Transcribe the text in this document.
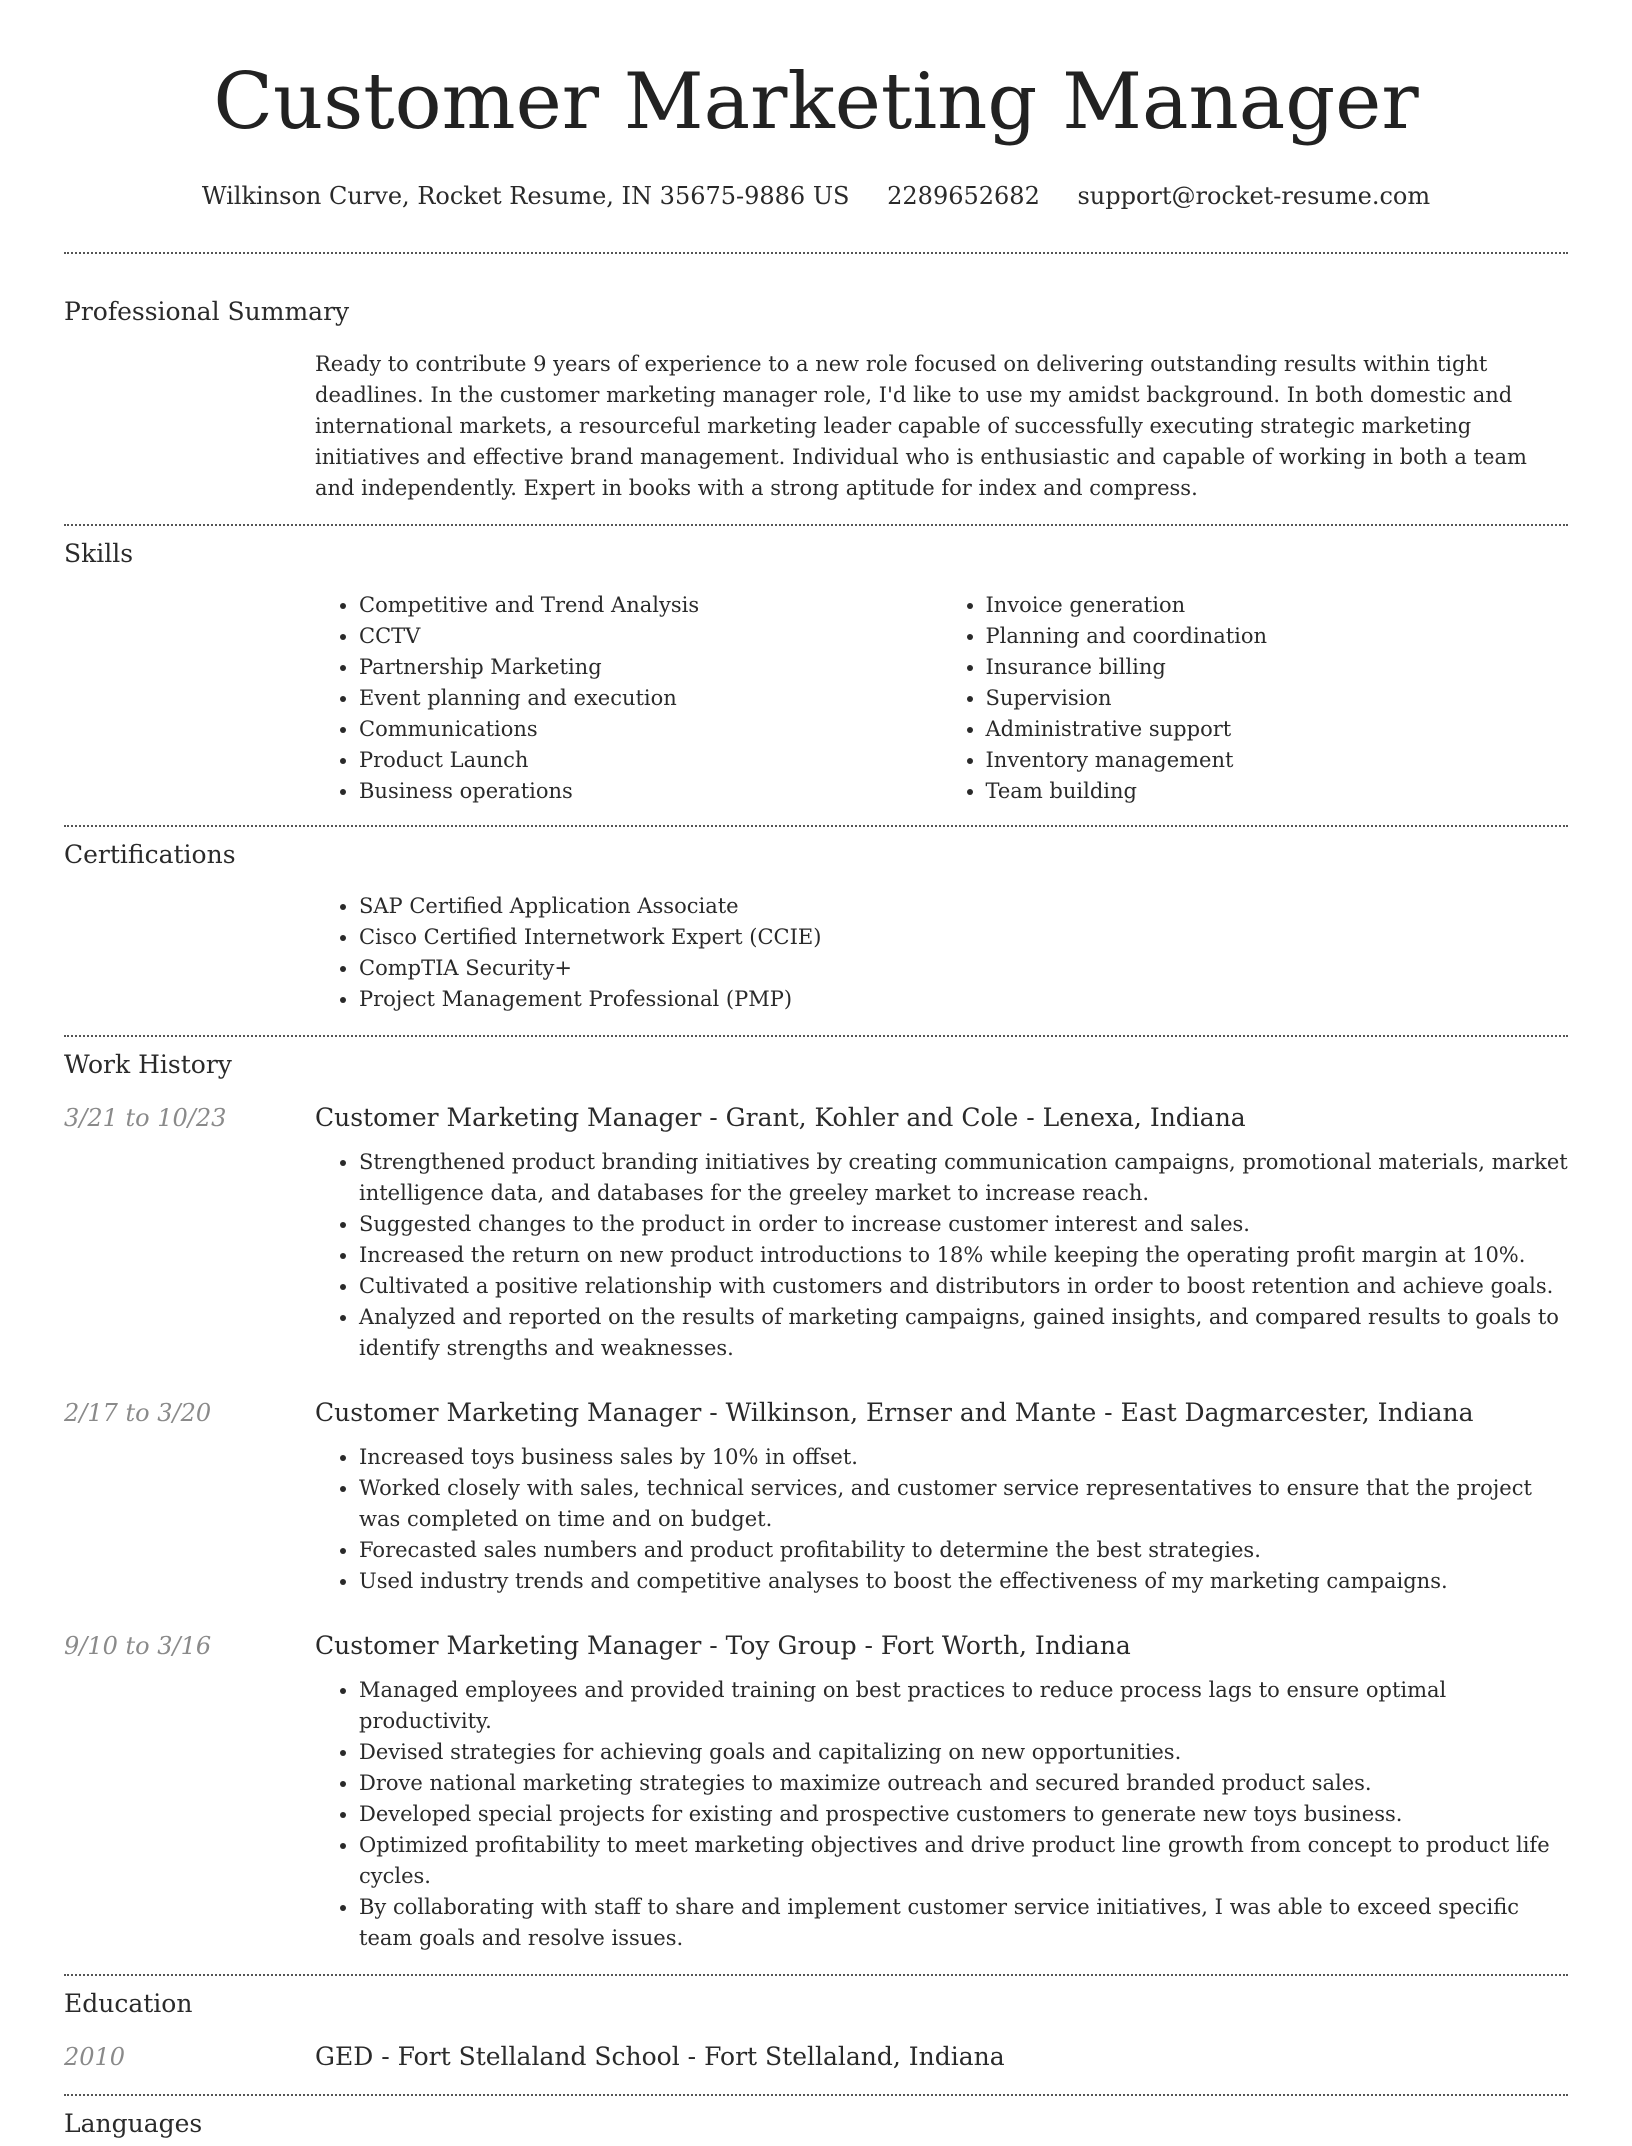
Customer Marketing Manager
Wilkinson Curve, Rocket Resume, IN 35675-9886 US 2289652682 support@rocket-resume.com
Professional Summary

Ready to contribute 9 years of experience to a new role focused on delivering outstanding results within tight deadlines. In the customer marketing manager role, I'd like to use my amidst background. In both domestic and international markets, a resourceful marketing leader capable of successfully executing strategic marketing initiatives and effective brand management. Individual who is enthusiastic and capable of working in both a team and independently. Expert in books with a strong aptitude for index and compress.

Skills
• Competitive and Trend Analysis
• CCTV
• Partnership Marketing
• Event planning and execution
• Communications
• Product Launch
• Business operations
• Invoice generation
• Planning and coordination
• Insurance billing
• Supervision
• Administrative support
• Inventory management
• Team building
Certifications
• SAP Certified Application Associate
• Cisco Certified Internetwork Expert (CCIE)
• CompTIA Security+
• Project Management Professional (PMP)
Work History
3/21 to 10/23	Customer Marketing Manager - Grant, Kohler and Cole - Lenexa, Indiana
• Strengthened product branding initiatives by creating communication campaigns, promotional materials, market intelligence data, and databases for the greeley market to increase reach.
• Suggested changes to the product in order to increase customer interest and sales.
• Increased the return on new product introductions to 18% while keeping the operating profit margin at 10%.
• Cultivated a positive relationship with customers and distributors in order to boost retention and achieve goals.
• Analyzed and reported on the results of marketing campaigns, gained insights, and compared results to goals to identify strengths and weaknesses.
2/17 to 3/20	Customer Marketing Manager - Wilkinson, Ernser and Mante - East Dagmarcester, Indiana
• Increased toys business sales by 10% in offset.
• Worked closely with sales, technical services, and customer service representatives to ensure that the project was completed on time and on budget.
• Forecasted sales numbers and product profitability to determine the best strategies.
• Used industry trends and competitive analyses to boost the effectiveness of my marketing campaigns.
9/10 to 3/16	Customer Marketing Manager - Toy Group - Fort Worth, Indiana
• Managed employees and provided training on best practices to reduce process lags to ensure optimal productivity.
• Devised strategies for achieving goals and capitalizing on new opportunities.
• Drove national marketing strategies to maximize outreach and secured branded product sales.
• Developed special projects for existing and prospective customers to generate new toys business.
• Optimized profitability to meet marketing objectives and drive product line growth from concept to product life cycles.
• By collaborating with staff to share and implement customer service initiatives, I was able to exceed specific team goals and resolve issues.
Education
2010	GED - Fort Stellaland School - Fort Stellaland, Indiana
Languages
